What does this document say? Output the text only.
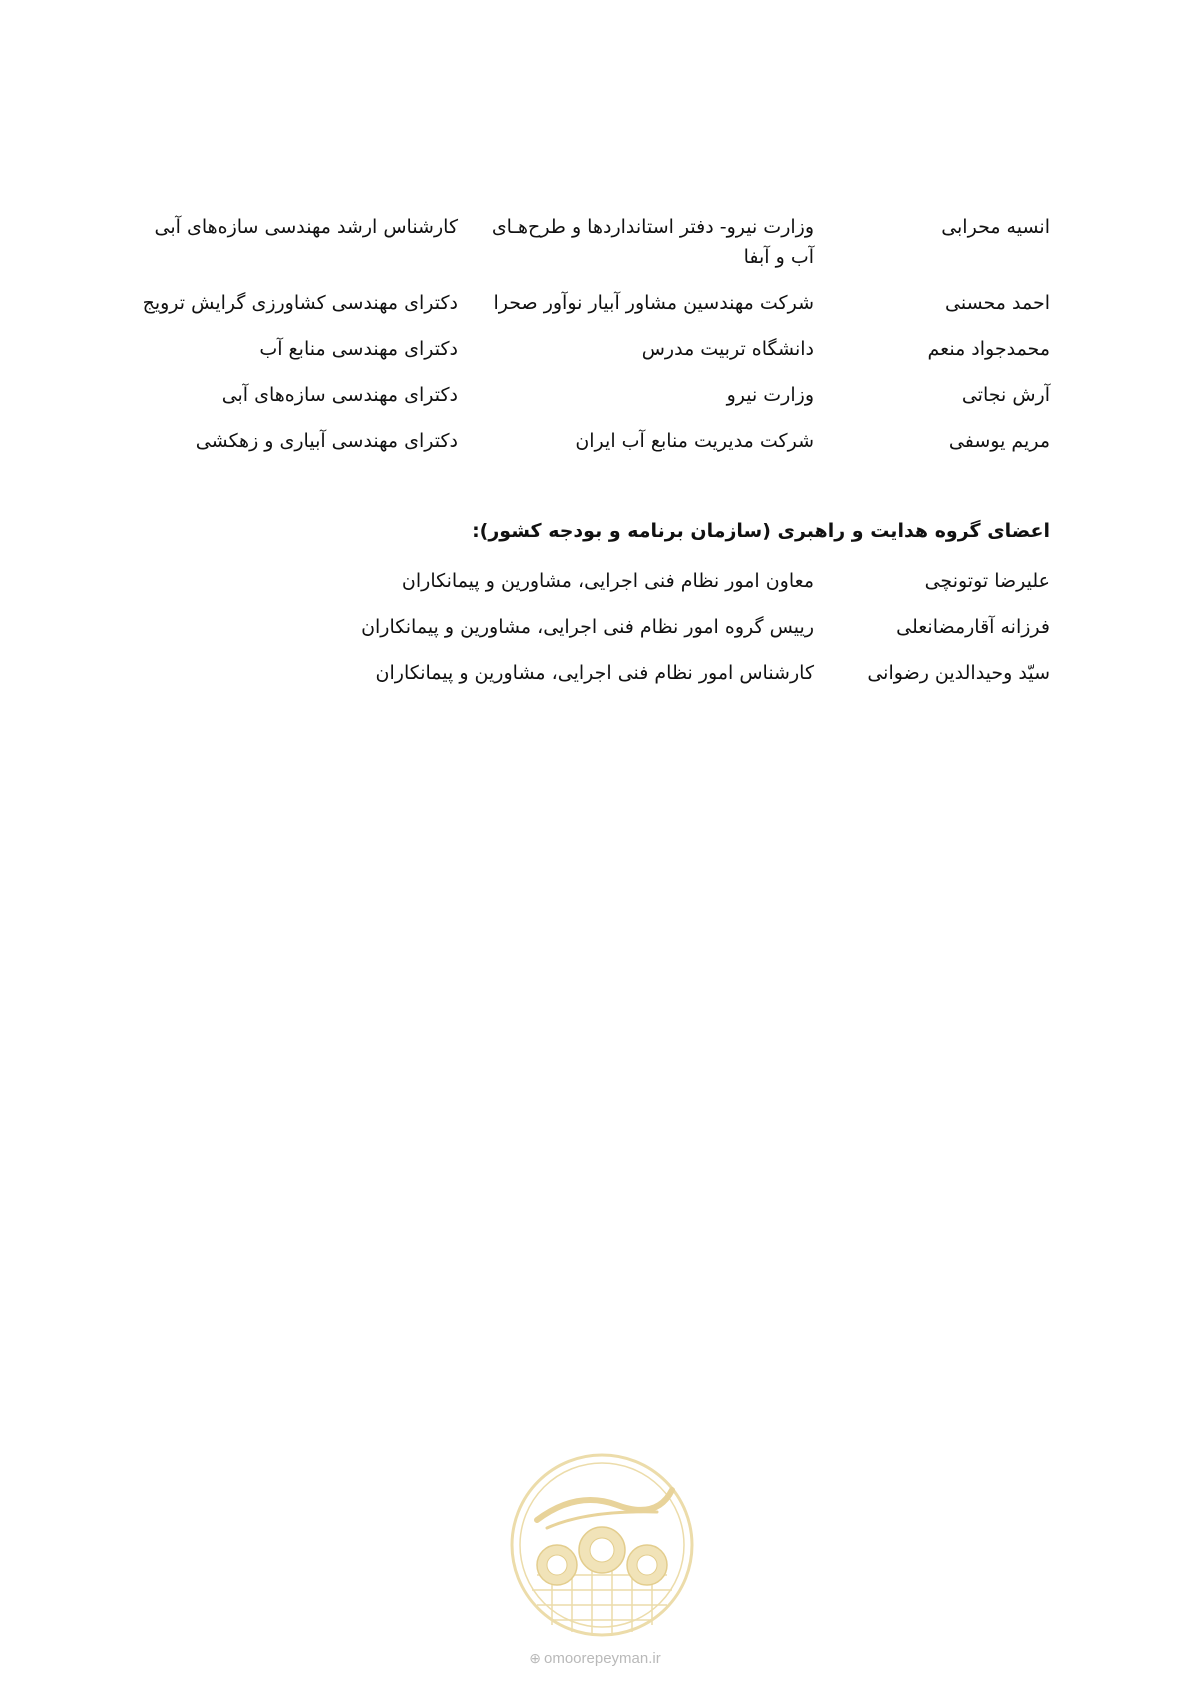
انسیه محرابی	وزارت نیرو- دفتر استانداردها و طرح‌هـای آب و آبفا	کارشناس ارشد مهندسی سازه‌های آبی
احمد محسنی	شرکت مهندسین مشاور آبیار نوآور صحرا	دکترای مهندسی کشاورزی گرایش ترویج
محمدجواد منعم	دانشگاه تربیت مدرس	دکترای مهندسی منابع آب
آرش نجاتی	وزارت نیرو	دکترای مهندسی سازه‌های آبی
مریم یوسفی	شرکت مدیریت منابع آب ایران	دکترای مهندسی آبیاری و زهکشی
اعضای گروه هدایت و راهبری (سازمان برنامه و بودجه کشور):
علیرضا توتونچی	معاون امور نظام فنی اجرایی، مشاورین و پیمانکاران
فرزانه آقارمضانعلی	رییس گروه امور نظام فنی اجرایی، مشاورین و پیمانکاران
سیّد وحیدالدین رضوانی	کارشناس امور نظام فنی اجرایی، مشاورین و پیمانکاران
⊕ omoorepeyman.ir
